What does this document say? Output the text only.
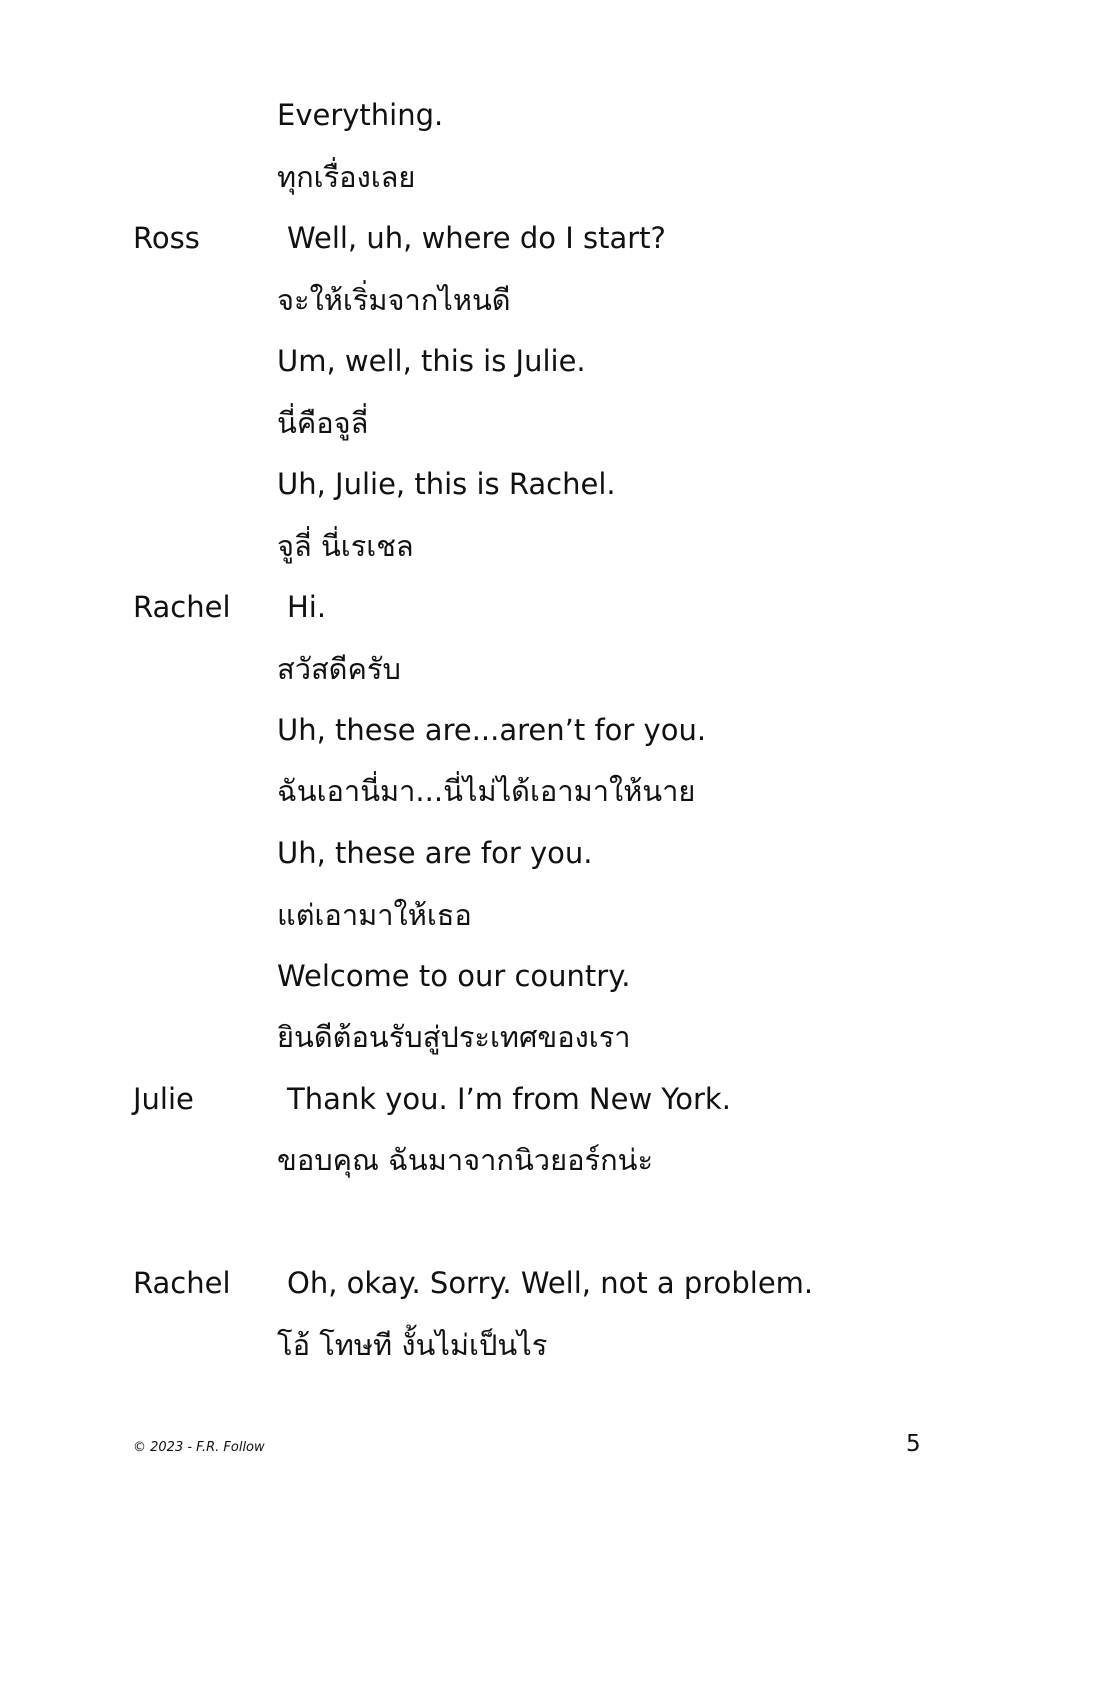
Everything.
ทุกเรื่องเลย
Ross	Well, uh, where do I start?
จะให้เริ่มจากไหนดี
Um, well, this is Julie.
นี่คือจูลี่
Uh, Julie, this is Rachel.
จูลี่ นี่เรเชล
Rachel Hi.
สวัสดีครับ
Uh, these are...aren’t for you.
ฉันเอานี่มา...นี่ไม่ได้เอามาให้นาย
Uh, these are for you.
แต่เอามาให้เธอ
Welcome to our country.
ยินดีต้อนรับสู่ประเทศของเรา
Julie	Thank you. I’m from New York.
ขอบคุณ ฉันมาจากนิวยอร์กน่ะ
Rachel Oh, okay. Sorry. Well, not a problem.
โอ้ โทษที งั้นไม่เป็นไร
© 2023 - F.R. Follow	5
